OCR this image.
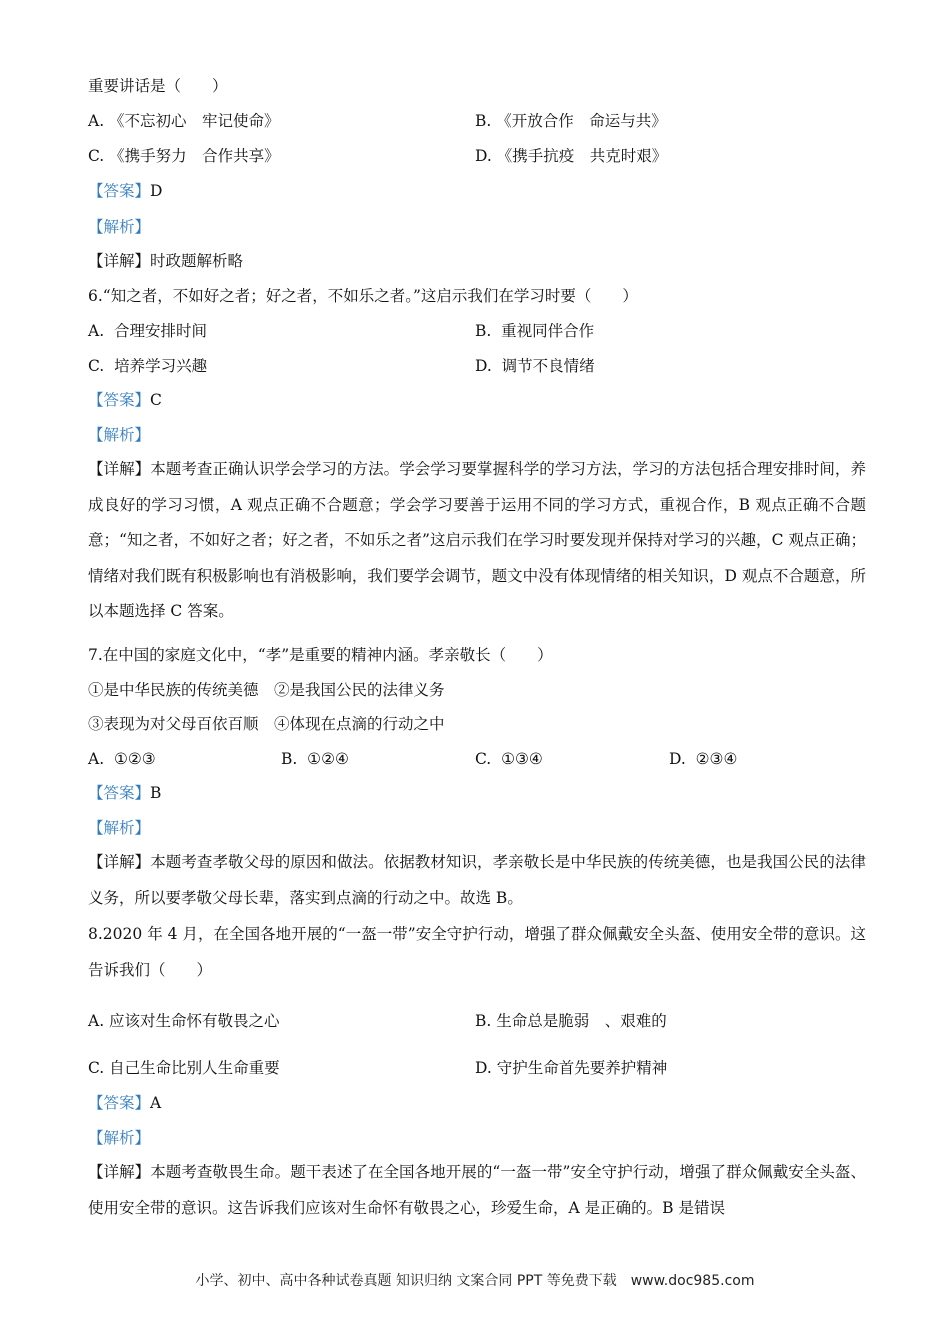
重要讲话是（　　）
A. 《不忘初心　牢记使命》	B. 《开放合作　命运与共》
C. 《携手努力　合作共享》	D. 《携手抗疫　共克时艰》
【答案】D
【解析】
【详解】时政题解析略
6.“知之者，不如好之者；好之者，不如乐之者。”这启示我们在学习时要（　　）
A.  合理安排时间	B.  重视同伴合作
C.  培养学习兴趣	D.  调节不良情绪
【答案】C
【解析】
【详解】本题考查正确认识学会学习的方法。学会学习要掌握科学的学习方法，学习的方法包括合理安排时间，养成良好的学习习惯，A 观点正确不合题意；学会学习要善于运用不同的学习方式，重视合作，B 观点正确不合题意；“知之者，不如好之者；好之者，不如乐之者”这启示我们在学习时要发现并保持对学习的兴趣，C 观点正确；情绪对我们既有积极影响也有消极影响，我们要学会调节，题文中没有体现情绪的相关知识，D 观点不合题意，所以本题选择 C 答案。
7.在中国的家庭文化中，“孝”是重要的精神内涵。孝亲敬长（　　）
①是中华民族的传统美德　②是我国公民的法律义务
③表现为对父母百依百顺　④体现在点滴的行动之中
A.  ①②③	B.  ①②④	C.  ①③④	D.  ②③④
【答案】B
【解析】
【详解】本题考查孝敬父母的原因和做法。依据教材知识，孝亲敬长是中华民族的传统美德，也是我国公民的法律义务，所以要孝敬父母长辈，落实到点滴的行动之中。故选 B。
8.2020 年 4 月，在全国各地开展的“一盔一带”安全守护行动，增强了群众佩戴安全头盔、使用安全带的意识。这告诉我们（　　）
A. 应该对生命怀有敬畏之心	B. 生命总是脆弱　、艰难的
C. 自己生命比别人生命重要	D. 守护生命首先要养护精神
【答案】A
【解析】
【详解】本题考查敬畏生命。题干表述了在全国各地开展的“一盔一带”安全守护行动，增强了群众佩戴安全头盔、使用安全带的意识。这告诉我们应该对生命怀有敬畏之心，珍爱生命，A 是正确的。B 是错误
小学、初中、高中各种试卷真题 知识归纳 文案合同 PPT 等免费下载　www.doc985.com
